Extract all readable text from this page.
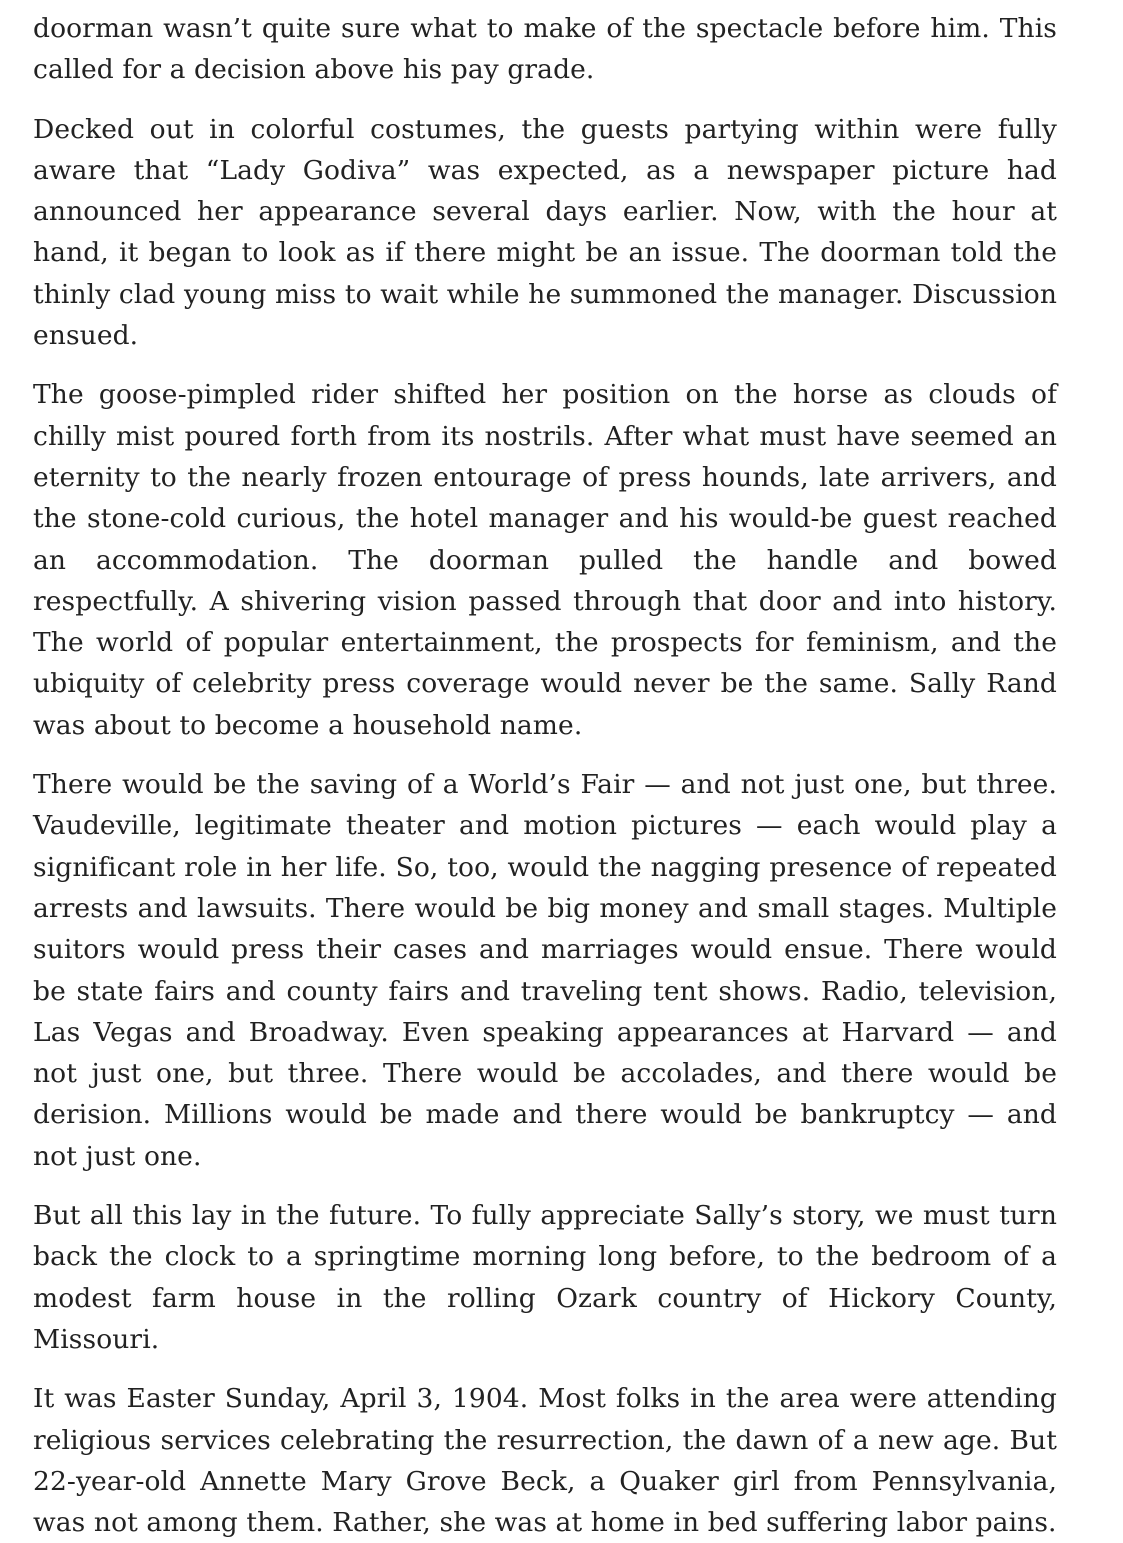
doorman wasn’t quite sure what to make of the spectacle before him. This called for a decision above his pay grade.

Decked out in colorful costumes, the guests partying within were fully aware that “Lady Godiva” was expected, as a newspaper picture had announced her appearance several days earlier. Now, with the hour at hand, it began to look as if there might be an issue. The doorman told the thinly clad young miss to wait while he summoned the manager. Discussion ensued.

The goose-pimpled rider shifted her position on the horse as clouds of chilly mist poured forth from its nostrils. After what must have seemed an eternity to the nearly frozen entourage of press hounds, late arrivers, and the stone-cold curious, the hotel manager and his would-be guest reached an accommodation. The doorman pulled the handle and bowed respectfully. A shivering vision passed through that door and into history. The world of popular entertainment, the prospects for feminism, and the ubiquity of celebrity press coverage would never be the same. Sally Rand was about to become a household name.

There would be the saving of a World’s Fair — and not just one, but three. Vaudeville, legitimate theater and motion pictures — each would play a significant role in her life. So, too, would the nagging presence of repeated arrests and lawsuits. There would be big money and small stages. Multiple suitors would press their cases and marriages would ensue. There would be state fairs and county fairs and traveling tent shows. Radio, television, Las Vegas and Broadway. Even speaking appearances at Harvard — and not just one, but three. There would be accolades, and there would be derision. Millions would be made and there would be bankruptcy — and not just one.

But all this lay in the future. To fully appreciate Sally’s story, we must turn back the clock to a springtime morning long before, to the bedroom of a modest farm house in the rolling Ozark country of Hickory County, Missouri.

It was Easter Sunday, April 3, 1904. Most folks in the area were attending religious services celebrating the resurrection, the dawn of a new age. But 22-year-old Annette Mary Grove Beck, a Quaker girl from Pennsylvania, was not among them. Rather, she was at home in bed suffering labor pains.
